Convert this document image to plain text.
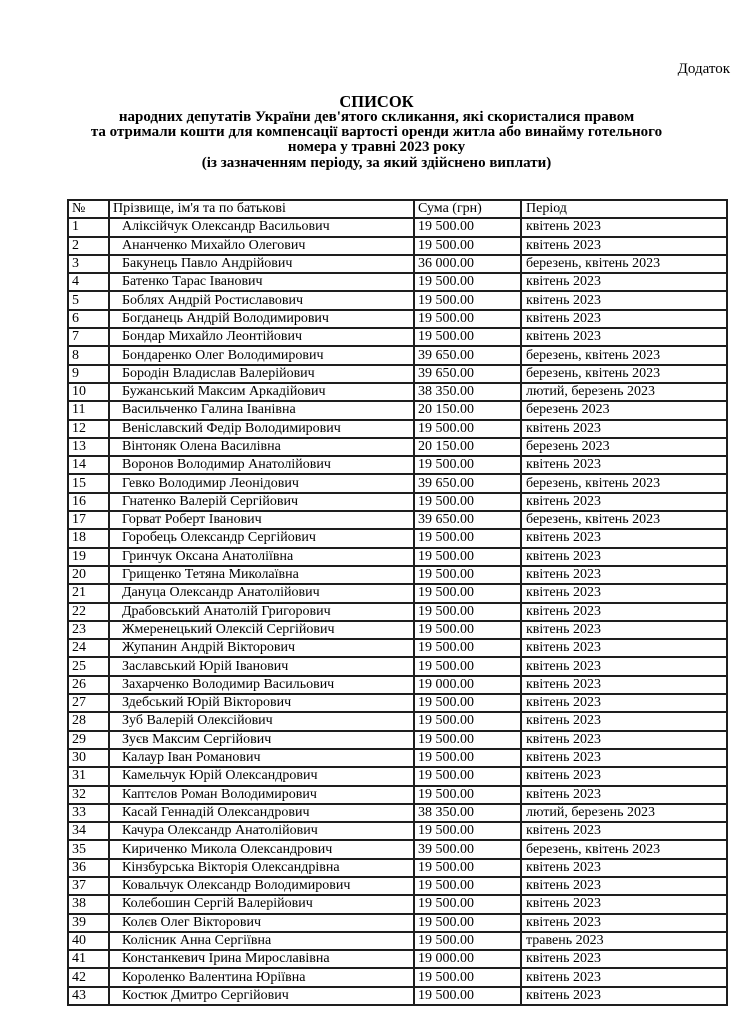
Додаток
СПИСОК
народних депутатів України дев'ятого скликання, які скористалися правом
та отримали кошти для компенсації вартості оренди житла або винайму готельного
номера у травні 2023 року
(із зазначенням періоду, за який здійснено виплати)
№	Прізвище, ім'я та по батькові	Сума (грн)	Період
1	Аліксійчук Олександр Васильович	19 500.00	квітень 2023
2	Ананченко Михайло Олегович	19 500.00	квітень 2023
3	Бакунець Павло Андрійович	36 000.00	березень, квітень 2023
4	Батенко Тарас Іванович	19 500.00	квітень 2023
5	Боблях Андрій Ростиславович	19 500.00	квітень 2023
6	Богданець Андрій Володимирович	19 500.00	квітень 2023
7	Бондар Михайло Леонтійович	19 500.00	квітень 2023
8	Бондаренко Олег Володимирович	39 650.00	березень, квітень 2023
9	Бородін Владислав Валерійович	39 650.00	березень, квітень 2023
10	Бужанський Максим Аркадійович	38 350.00	лютий, березень 2023
11	Васильченко Галина Іванівна	20 150.00	березень 2023
12	Веніславский Федір Володимирович	19 500.00	квітень 2023
13	Вінтоняк Олена Василівна	20 150.00	березень 2023
14	Воронов Володимир Анатолійович	19 500.00	квітень 2023
15	Гевко Володимир Леонідович	39 650.00	березень, квітень 2023
16	Гнатенко Валерій Сергійович	19 500.00	квітень 2023
17	Горват Роберт Іванович	39 650.00	березень, квітень 2023
18	Горобець Олександр Сергійович	19 500.00	квітень 2023
19	Гринчук Оксана Анатоліївна	19 500.00	квітень 2023
20	Грищенко Тетяна Миколаївна	19 500.00	квітень 2023
21	Дануца Олександр Анатолійович	19 500.00	квітень 2023
22	Драбовський Анатолій Григорович	19 500.00	квітень 2023
23	Жмеренецький Олексій Сергійович	19 500.00	квітень 2023
24	Жупанин Андрій Вікторович	19 500.00	квітень 2023
25	Заславський Юрій Іванович	19 500.00	квітень 2023
26	Захарченко Володимир Васильович	19 000.00	квітень 2023
27	Здебський Юрій Вікторович	19 500.00	квітень 2023
28	Зуб Валерій Олексійович	19 500.00	квітень 2023
29	Зуєв Максим Сергійович	19 500.00	квітень 2023
30	Калаур Іван Романович	19 500.00	квітень 2023
31	Камельчук Юрій Олександрович	19 500.00	квітень 2023
32	Каптєлов Роман Володимирович	19 500.00	квітень 2023
33	Касай Геннадій Олександрович	38 350.00	лютий, березень 2023
34	Качура Олександр Анатолійович	19 500.00	квітень 2023
35	Кириченко Микола Олександрович	39 500.00	березень, квітень 2023
36	Кінзбурська Вікторія Олександрівна	19 500.00	квітень 2023
37	Ковальчук Олександр Володимирович	19 500.00	квітень 2023
38	Колебошин Сергій Валерійович	19 500.00	квітень 2023
39	Колєв Олег Вікторович	19 500.00	квітень 2023
40	Колісник Анна Сергіївна	19 500.00	травень 2023
41	Констанкевич Ірина Мирославівна	19 000.00	квітень 2023
42	Короленко Валентина Юріївна	19 500.00	квітень 2023
43	Костюк Дмитро Сергійович	19 500.00	квітень 2023
